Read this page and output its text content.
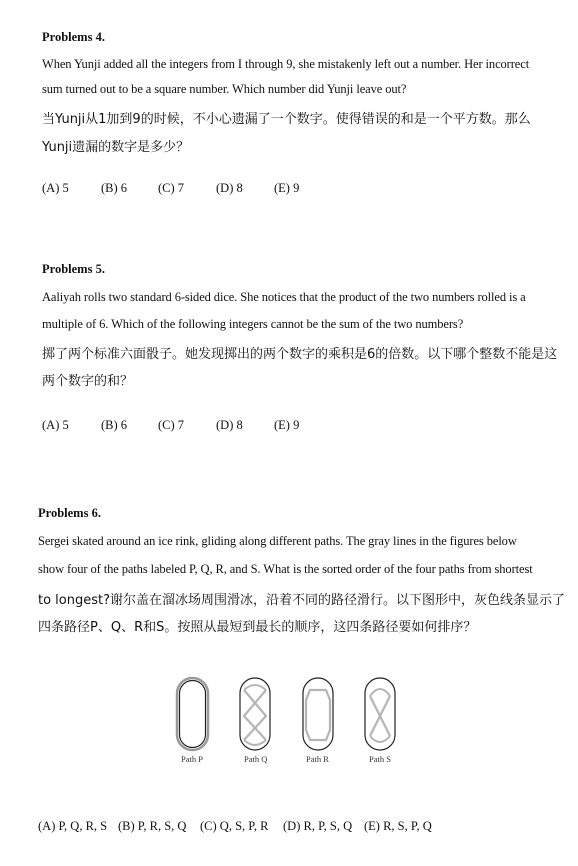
Problems 4.
When Yunji added all the integers from I through 9, she mistakenly left out a number. Her incorrect
sum turned out to be a square number. Which number did Yunji leave out?
当Yunji从1加到9的时候，不小心遗漏了一个数字。使得错误的和是一个平方数。那么
Yunji遗漏的数字是多少？
(A) 5	(B) 6 (C) 7	(D) 8	(E) 9
Problems 5.
Aaliyah rolls two standard 6-sided dice. She notices that the product of the two numbers rolled is a
multiple of 6. Which of the following integers cannot be the sum of the two numbers?
掷了两个标准六面骰子。她发现掷出的两个数字的乘积是6的倍数。以下哪个整数不能是这
两个数字的和？
(A) 5	(B) 6 (C) 7	(D) 8	(E) 9
Problems 6.
Sergei skated around an ice rink, gliding along different paths. The gray lines in the figures below
show four of the paths labeled P, Q, R, and S. What is the sorted order of the four paths from shortest
to longest?谢尔盖在溜冰场周围滑冰，沿着不同的路径滑行。以下图形中，灰色线条显示了
四条路径P、Q、R和S。按照从最短到最长的顺序，这四条路径要如何排序？
Path P	Path Q	Path R	Path S
(A) P, Q, R, S (B) P, R, S, Q (C) Q, S, P, R (D) R, P, S, Q (E) R, S, P, Q
